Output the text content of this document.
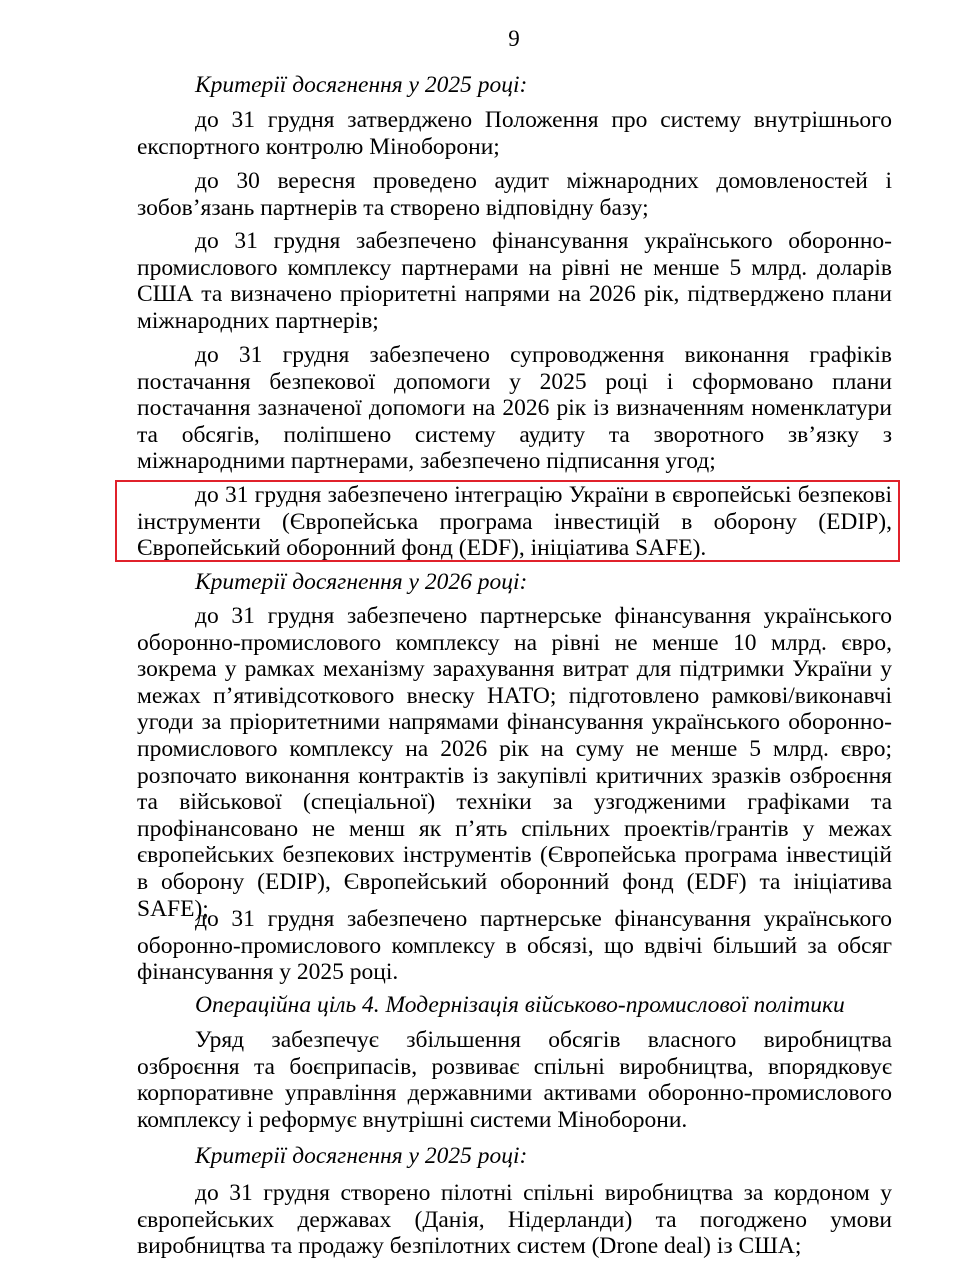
9
Критерії досягнення у 2025 році:
до 31 грудня затверджено Положення про систему внутрішнього експортного контролю Міноборони;
до 30 вересня проведено аудит міжнародних домовленостей і зобов’язань партнерів та створено відповідну базу;
до 31 грудня забезпечено фінансування українського оборонно-промислового комплексу партнерами на рівні не менше 5 млрд. доларів США та визначено пріоритетні напрями на 2026 рік, підтверджено плани міжнародних партнерів;
до 31 грудня забезпечено супроводження виконання графіків постачання безпекової допомоги у 2025 році і сформовано плани постачання зазначеної допомоги на 2026 рік із визначенням номенклатури та обсягів, поліпшено систему аудиту та зворотного зв’язку з міжнародними партнерами, забезпечено підписання угод;
до 31 грудня забезпечено інтеграцію України в європейські безпекові інструменти (Європейська програма інвестицій в оборону (EDIP), Європейський оборонний фонд (EDF), ініціатива SAFE).
Критерії досягнення у 2026 році:
до 31 грудня забезпечено партнерське фінансування українського оборонно-промислового комплексу на рівні не менше 10 млрд. євро, зокрема у рамках механізму зарахування витрат для підтримки України у межах п’ятивідсоткового внеску НАТО; підготовлено рамкові/виконавчі угоди за пріоритетними напрямами фінансування українського оборонно-промислового комплексу на 2026 рік на суму не менше 5 млрд. євро; розпочато виконання контрактів із закупівлі критичних зразків озброєння та військової (спеціальної) техніки за узгодженими графіками та профінансовано не менш як п’ять спільних проектів/грантів у межах європейських безпекових інструментів (Європейська програма інвестицій в оборону (EDIP), Європейський оборонний фонд (EDF) та ініціатива SAFE);
до 31 грудня забезпечено партнерське фінансування українського оборонно-промислового комплексу в обсязі, що вдвічі більший за обсяг фінансування у 2025 році.
Операційна ціль 4. Модернізація військово-промислової політики
Уряд забезпечує збільшення обсягів власного виробництва озброєння та боєприпасів, розвиває спільні виробництва, впорядковує корпоративне управління державними активами оборонно-промислового комплексу і реформує внутрішні системи Міноборони.
Критерії досягнення у 2025 році:
до 31 грудня створено пілотні спільні виробництва за кордоном у європейських державах (Данія, Нідерланди) та погоджено умови виробництва та продажу безпілотних систем (Drone deal) із США;
